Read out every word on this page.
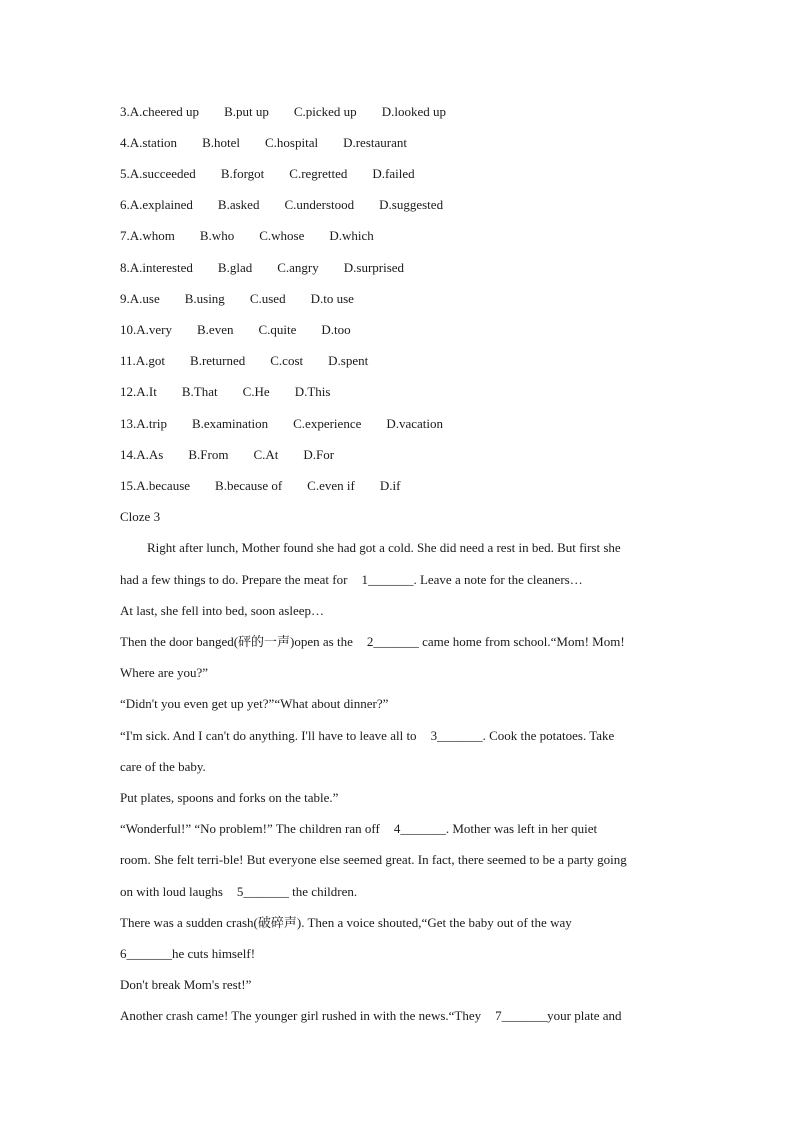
3.A.cheered up B.put up C.picked up D.looked up
4.A.station B.hotel C.hospital D.restaurant
5.A.succeeded B.forgot C.regretted D.failed
6.A.explained B.asked C.understood D.suggested
7.A.whom B.who C.whose D.which
8.A.interested B.glad C.angry D.surprised
9.A.use B.using C.used D.to use
10.A.very B.even C.quite D.too
11.A.got B.returned C.cost D.spent
12.A.It B.That C.He D.This
13.A.trip B.examination C.experience D.vacation
14.A.As B.From C.At D.For
15.A.because B.because of C.even if D.if
Cloze 3
Right after lunch, Mother found she had got a cold. She did need a rest in bed. But first she
had a few things to do. Prepare the meat for 1_______. Leave a note for the cleaners…
At last, she fell into bed, soon asleep…
Then the door banged(砰的一声)open as the 2_______ came home from school.“Mom! Mom!
Where are you?”
“Didn't you even get up yet?”“What about dinner?”
“I'm sick. And I can't do anything. I'll have to leave all to 3_______. Cook the potatoes. Take
care of the baby.
Put plates, spoons and forks on the table.”
“Wonderful!” “No problem!” The children ran off 4_______. Mother was left in her quiet
room. She felt terri-ble! But everyone else seemed great. In fact, there seemed to be a party going
on with loud laughs 5_______ the children.
There was a sudden crash(破碎声). Then a voice shouted,“Get the baby out of the way
6_______he cuts himself!
Don't break Mom's rest!”
Another crash came! The younger girl rushed in with the news.“They 7_______your plate and
